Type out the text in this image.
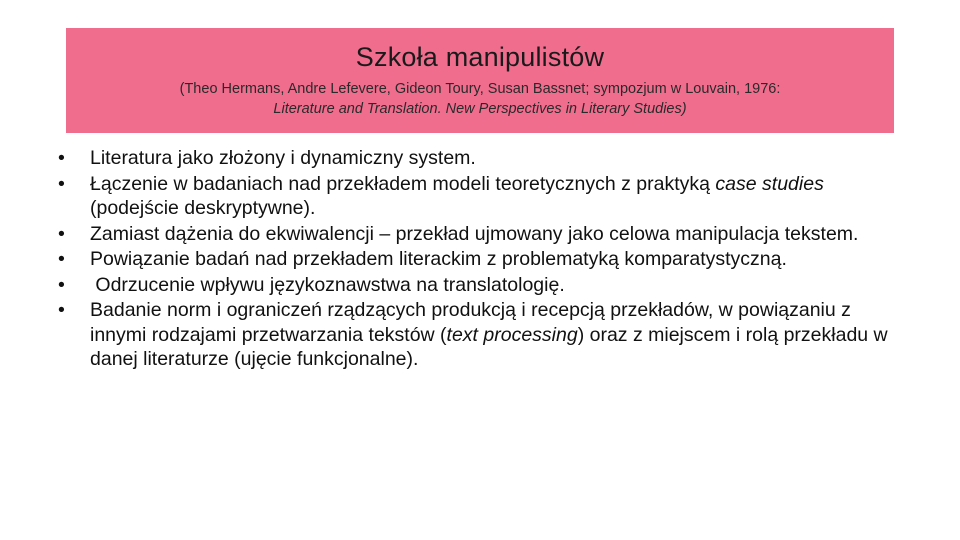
Szkoła manipulistów
(Theo Hermans, Andre Lefevere, Gideon Toury, Susan Bassnet; sympozjum w Louvain, 1976:
Literature and Translation. New Perspectives in Literary Studies)
•
Literatura jako złożony i dynamiczny system.
•
Łączenie w badaniach nad przekładem modeli teoretycznych z praktyką case studies (podejście deskryptywne).
•
Zamiast dążenia do ekwiwalencji – przekład ujmowany jako celowa manipulacja tekstem.
•
Powiązanie badań nad przekładem literackim z problematyką komparatystyczną.
•
Odrzucenie wpływu językoznawstwa na translatologię.
•
Badanie norm i ograniczeń rządzących produkcją i recepcją przekładów, w powiązaniu z innymi rodzajami przetwarzania tekstów (text processing) oraz z miejscem i rolą przekładu w danej literaturze (ujęcie funkcjonalne).
